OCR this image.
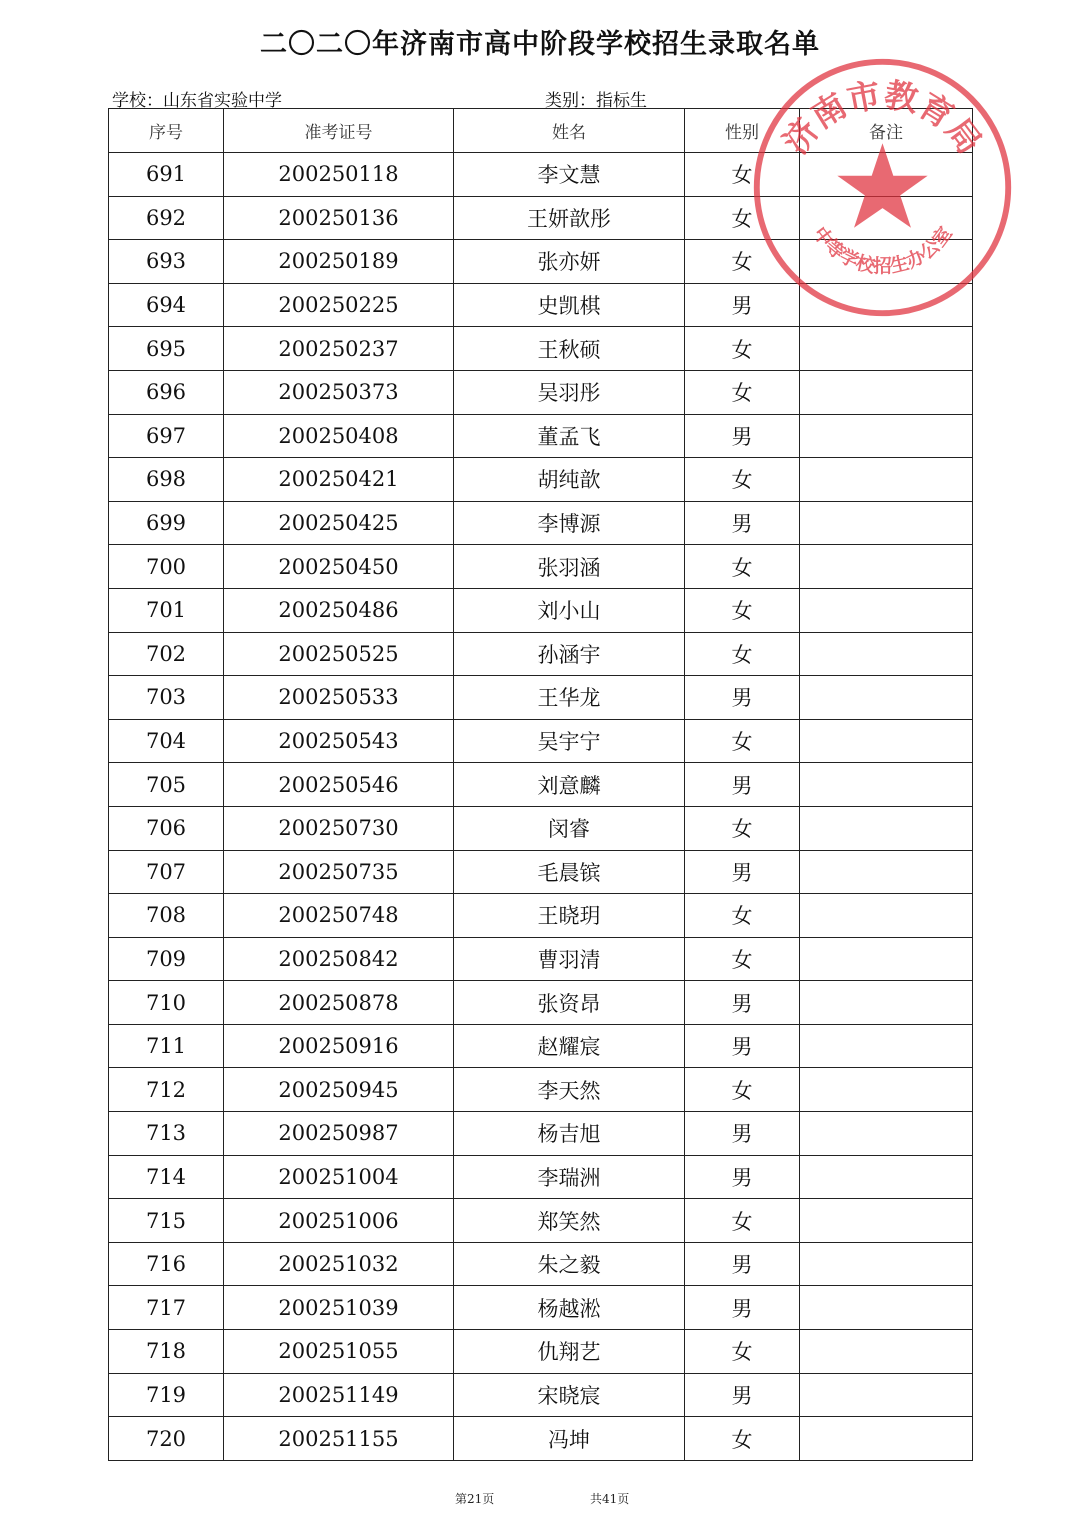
二〇二〇年济南市高中阶段学校招生录取名单
学校：山东省实验中学	类别：指标生
序号	准考证号	姓名	性别	备注
691	200250118	李文慧	女	
692	200250136	王妍歆彤	女	
693	200250189	张亦妍	女	
694	200250225	史凯棋	男	
695	200250237	王秋硕	女	
696	200250373	吴羽彤	女	
697	200250408	董孟飞	男	
698	200250421	胡纯歆	女	
699	200250425	李博源	男	
700	200250450	张羽涵	女	
701	200250486	刘小山	女	
702	200250525	孙涵宇	女	
703	200250533	王华龙	男	
704	200250543	吴宇宁	女	
705	200250546	刘意麟	男	
706	200250730	闵睿	女	
707	200250735	毛晨镔	男	
708	200250748	王晓玥	女	
709	200250842	曹羽清	女	
710	200250878	张资昂	男	
711	200250916	赵耀宸	男	
712	200250945	李天然	女	
713	200250987	杨吉旭	男	
714	200251004	李瑞洲	男	
715	200251006	郑笑然	女	
716	200251032	朱之毅	男	
717	200251039	杨越淞	男	
718	200251055	仇翔艺	女	
719	200251149	宋晓宸	男	
720	200251155	冯坤	女	
第21页	共41页
济南市教育局
中等学校招生办公室
